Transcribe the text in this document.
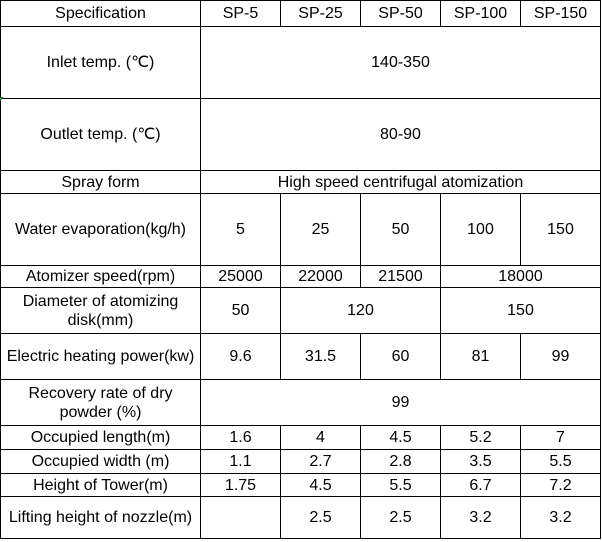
Specification	SP-5	SP-25	SP-50	SP-100	SP-150
Inlet temp. (℃)	140-350				
Outlet temp. (℃)	80-90				
Spray form	High speed centrifugal atomization				
Water evaporation(kg/h)	5	25	50	100	150
Atomizer speed(rpm)	25000	22000	21500	18000	
Diameter of atomizing disk(mm)	50	120		150	
Electric heating power(kw)	9.6	31.5	60	81	99
Recovery rate of dry powder (%)	99				
Occupied length(m)	1.6	4	4.5	5.2	7
Occupied width (m)	1.1	2.7	2.8	3.5	5.5
Height of Tower(m)	1.75	4.5	5.5	6.7	7.2
Lifting height of nozzle(m)		2.5	2.5	3.2	3.2
